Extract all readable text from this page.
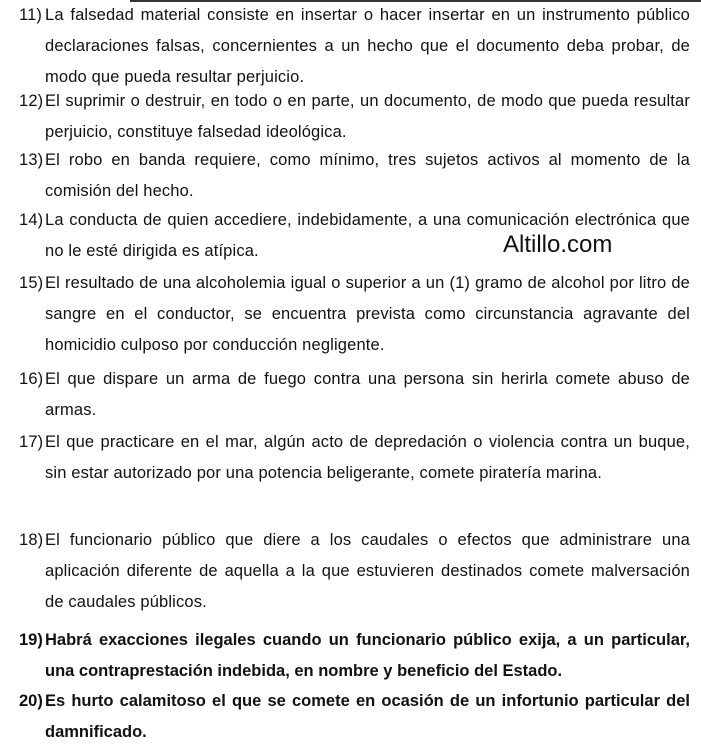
11) La falsedad material consiste en insertar o hacer insertar en un instrumento público declaraciones falsas, concernientes a un hecho que el documento deba probar, de modo que pueda resultar perjuicio.
12) El suprimir o destruir, en todo o en parte, un documento, de modo que pueda resultar perjuicio, constituye falsedad ideológica.
13) El robo en banda requiere, como mínimo, tres sujetos activos al momento de la comisión del hecho.
14) La conducta de quien accediere, indebidamente, a una comunicación electrónica que no le esté dirigida es atípica.
15) El resultado de una alcoholemia igual o superior a un (1) gramo de alcohol por litro de sangre en el conductor, se encuentra prevista como circunstancia agravante del homicidio culposo por conducción negligente.
16) El que dispare un arma de fuego contra una persona sin herirla comete abuso de armas.
17) El que practicare en el mar, algún acto de depredación o violencia contra un buque, sin estar autorizado por una potencia beligerante, comete piratería marina.
18) El funcionario público que diere a los caudales o efectos que administrare una aplicación diferente de aquella a la que estuvieren destinados comete malversación de caudales públicos.
19) Habrá exacciones ilegales cuando un funcionario público exija, a un particular, una contraprestación indebida, en nombre y beneficio del Estado.
20) Es hurto calamitoso el que se comete en ocasión de un infortunio particular del damnificado.
Altillo.com
